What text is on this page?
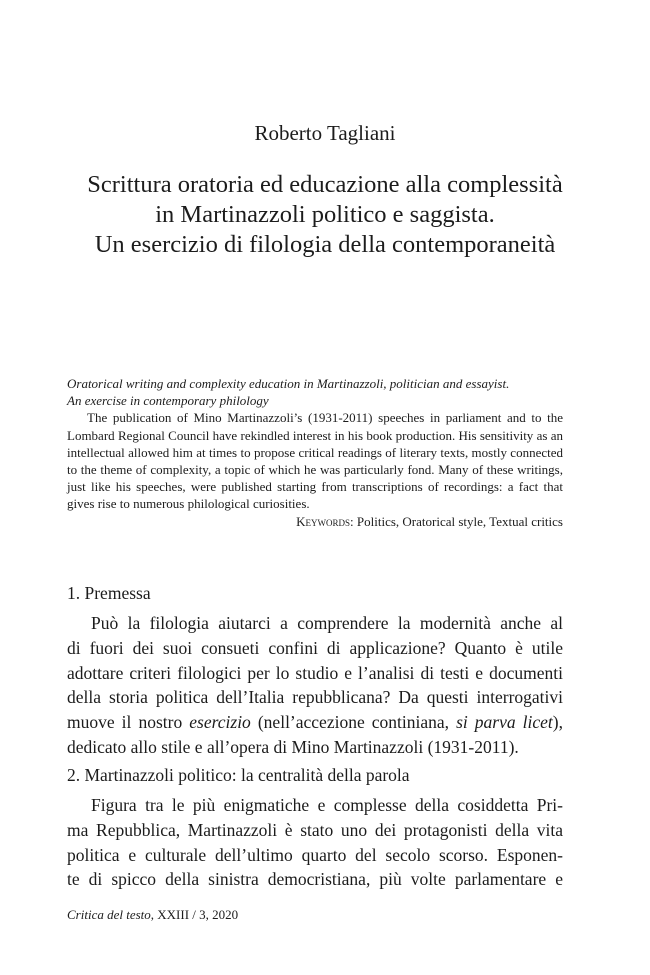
Roberto Tagliani
Scrittura oratoria ed educazione alla complessità
in Martinazzoli politico e saggista.
Un esercizio di filologia della contemporaneità
Oratorical writing and complexity education in Martinazzoli, politician and essayist.
An exercise in contemporary philology

The publication of Mino Martinazzoli’s (1931-2011) speeches in parliament and to the Lombard Regional Council have rekindled interest in his book production. His sensitivity as an intellectual allowed him at times to propose critical readings of literary texts, mostly connected to the theme of complexity, a topic of which he was particularly fond. Many of these writings, just like his speeches, were published starting from transcriptions of recordings: a fact that gives rise to numerous philological curiosities.

Keywords: Politics, Oratorical style, Textual critics
1. Premessa
Può la filologia aiutarci a comprendere la modernità anche al
di fuori dei suoi consueti confini di applicazione? Quanto è utile
adottare criteri filologici per lo studio e l’analisi di testi e documenti
della storia politica dell’Italia repubblicana? Da questi interrogativi
muove il nostro esercizio (nell’accezione continiana, si parva licet),
dedicato allo stile e all’opera di Mino Martinazzoli (1931-2011).
2. Martinazzoli politico: la centralità della parola
Figura tra le più enigmatiche e complesse della cosiddetta Pri-
ma Repubblica, Martinazzoli è stato uno dei protagonisti della vita
politica e culturale dell’ultimo quarto del secolo scorso. Esponen-
te di spicco della sinistra democristiana, più volte parlamentare e
Critica del testo, XXIII / 3, 2020
